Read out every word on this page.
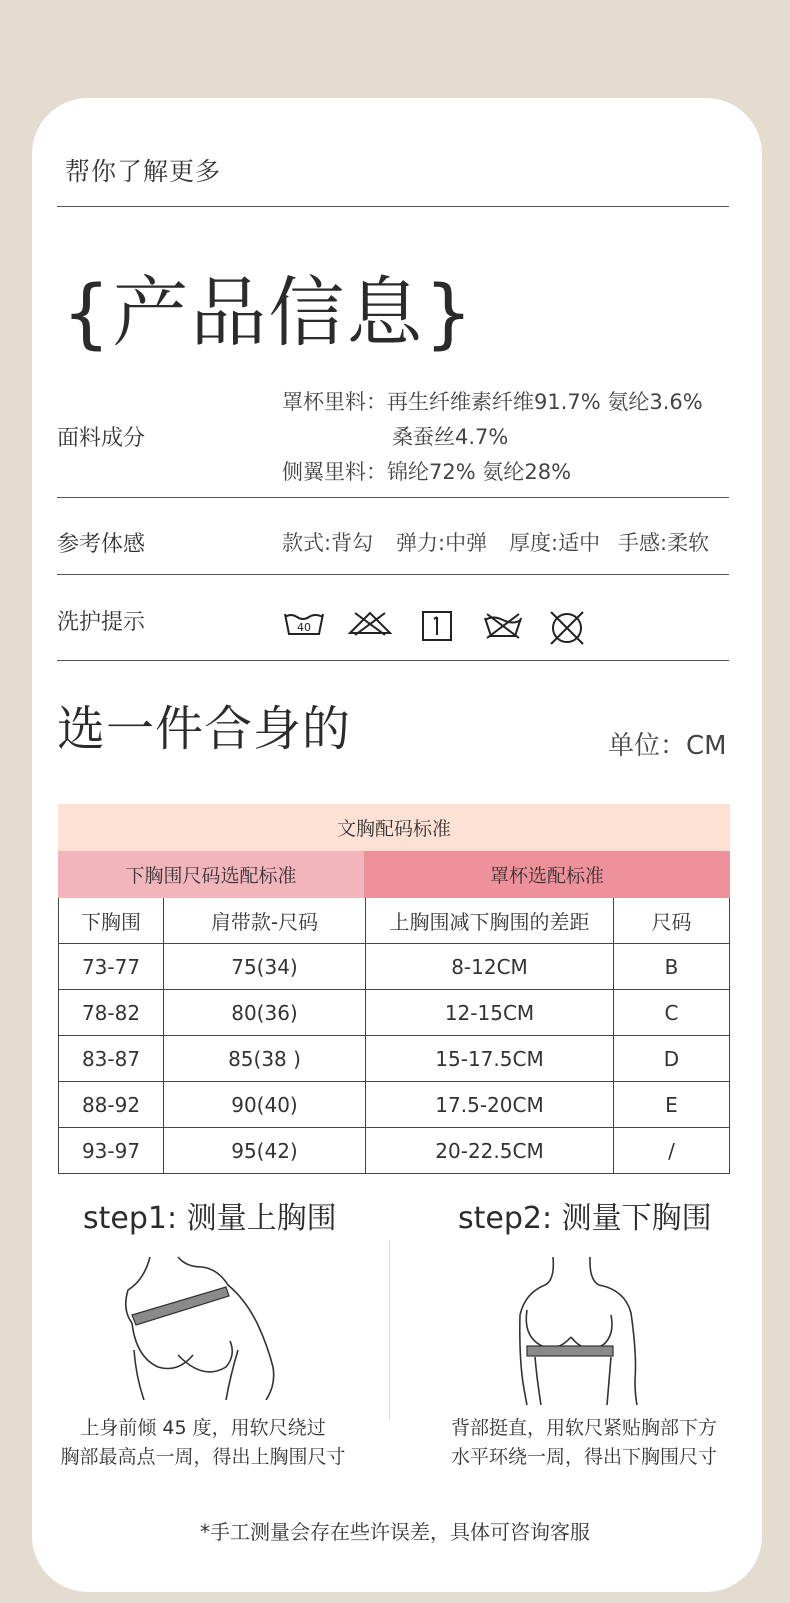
帮你了解更多
{产品信息}
面料成分
罩杯里料：再生纤维素纤维91.7% 氨纶3.6%
桑蚕丝4.7%
侧翼里料：锦纶72% 氨纶28%
参考体感	款式:背勾 弹力:中弹 厚度:适中 手感:柔软
洗护提示	40
选一件合身的	单位：CM
文胸配码标准
下胸围尺码选配标准	罩杯选配标准
下胸围	肩带款-尺码	上胸围减下胸围的差距	尺码
73-77	75(34)	8-12CM	B
78-82	80(36)	12-15CM	C
83-87	85(38 )	15-17.5CM	D
88-92	90(40)	17.5-20CM	E
93-97	95(42)	20-22.5CM	/
step1: 测量上胸围	step2: 测量下胸围
上身前倾 45 度，用软尺绕过
胸部最高点一周，得出上胸围尺寸
背部挺直，用软尺紧贴胸部下方
水平环绕一周，得出下胸围尺寸
*手工测量会存在些许误差，具体可咨询客服
